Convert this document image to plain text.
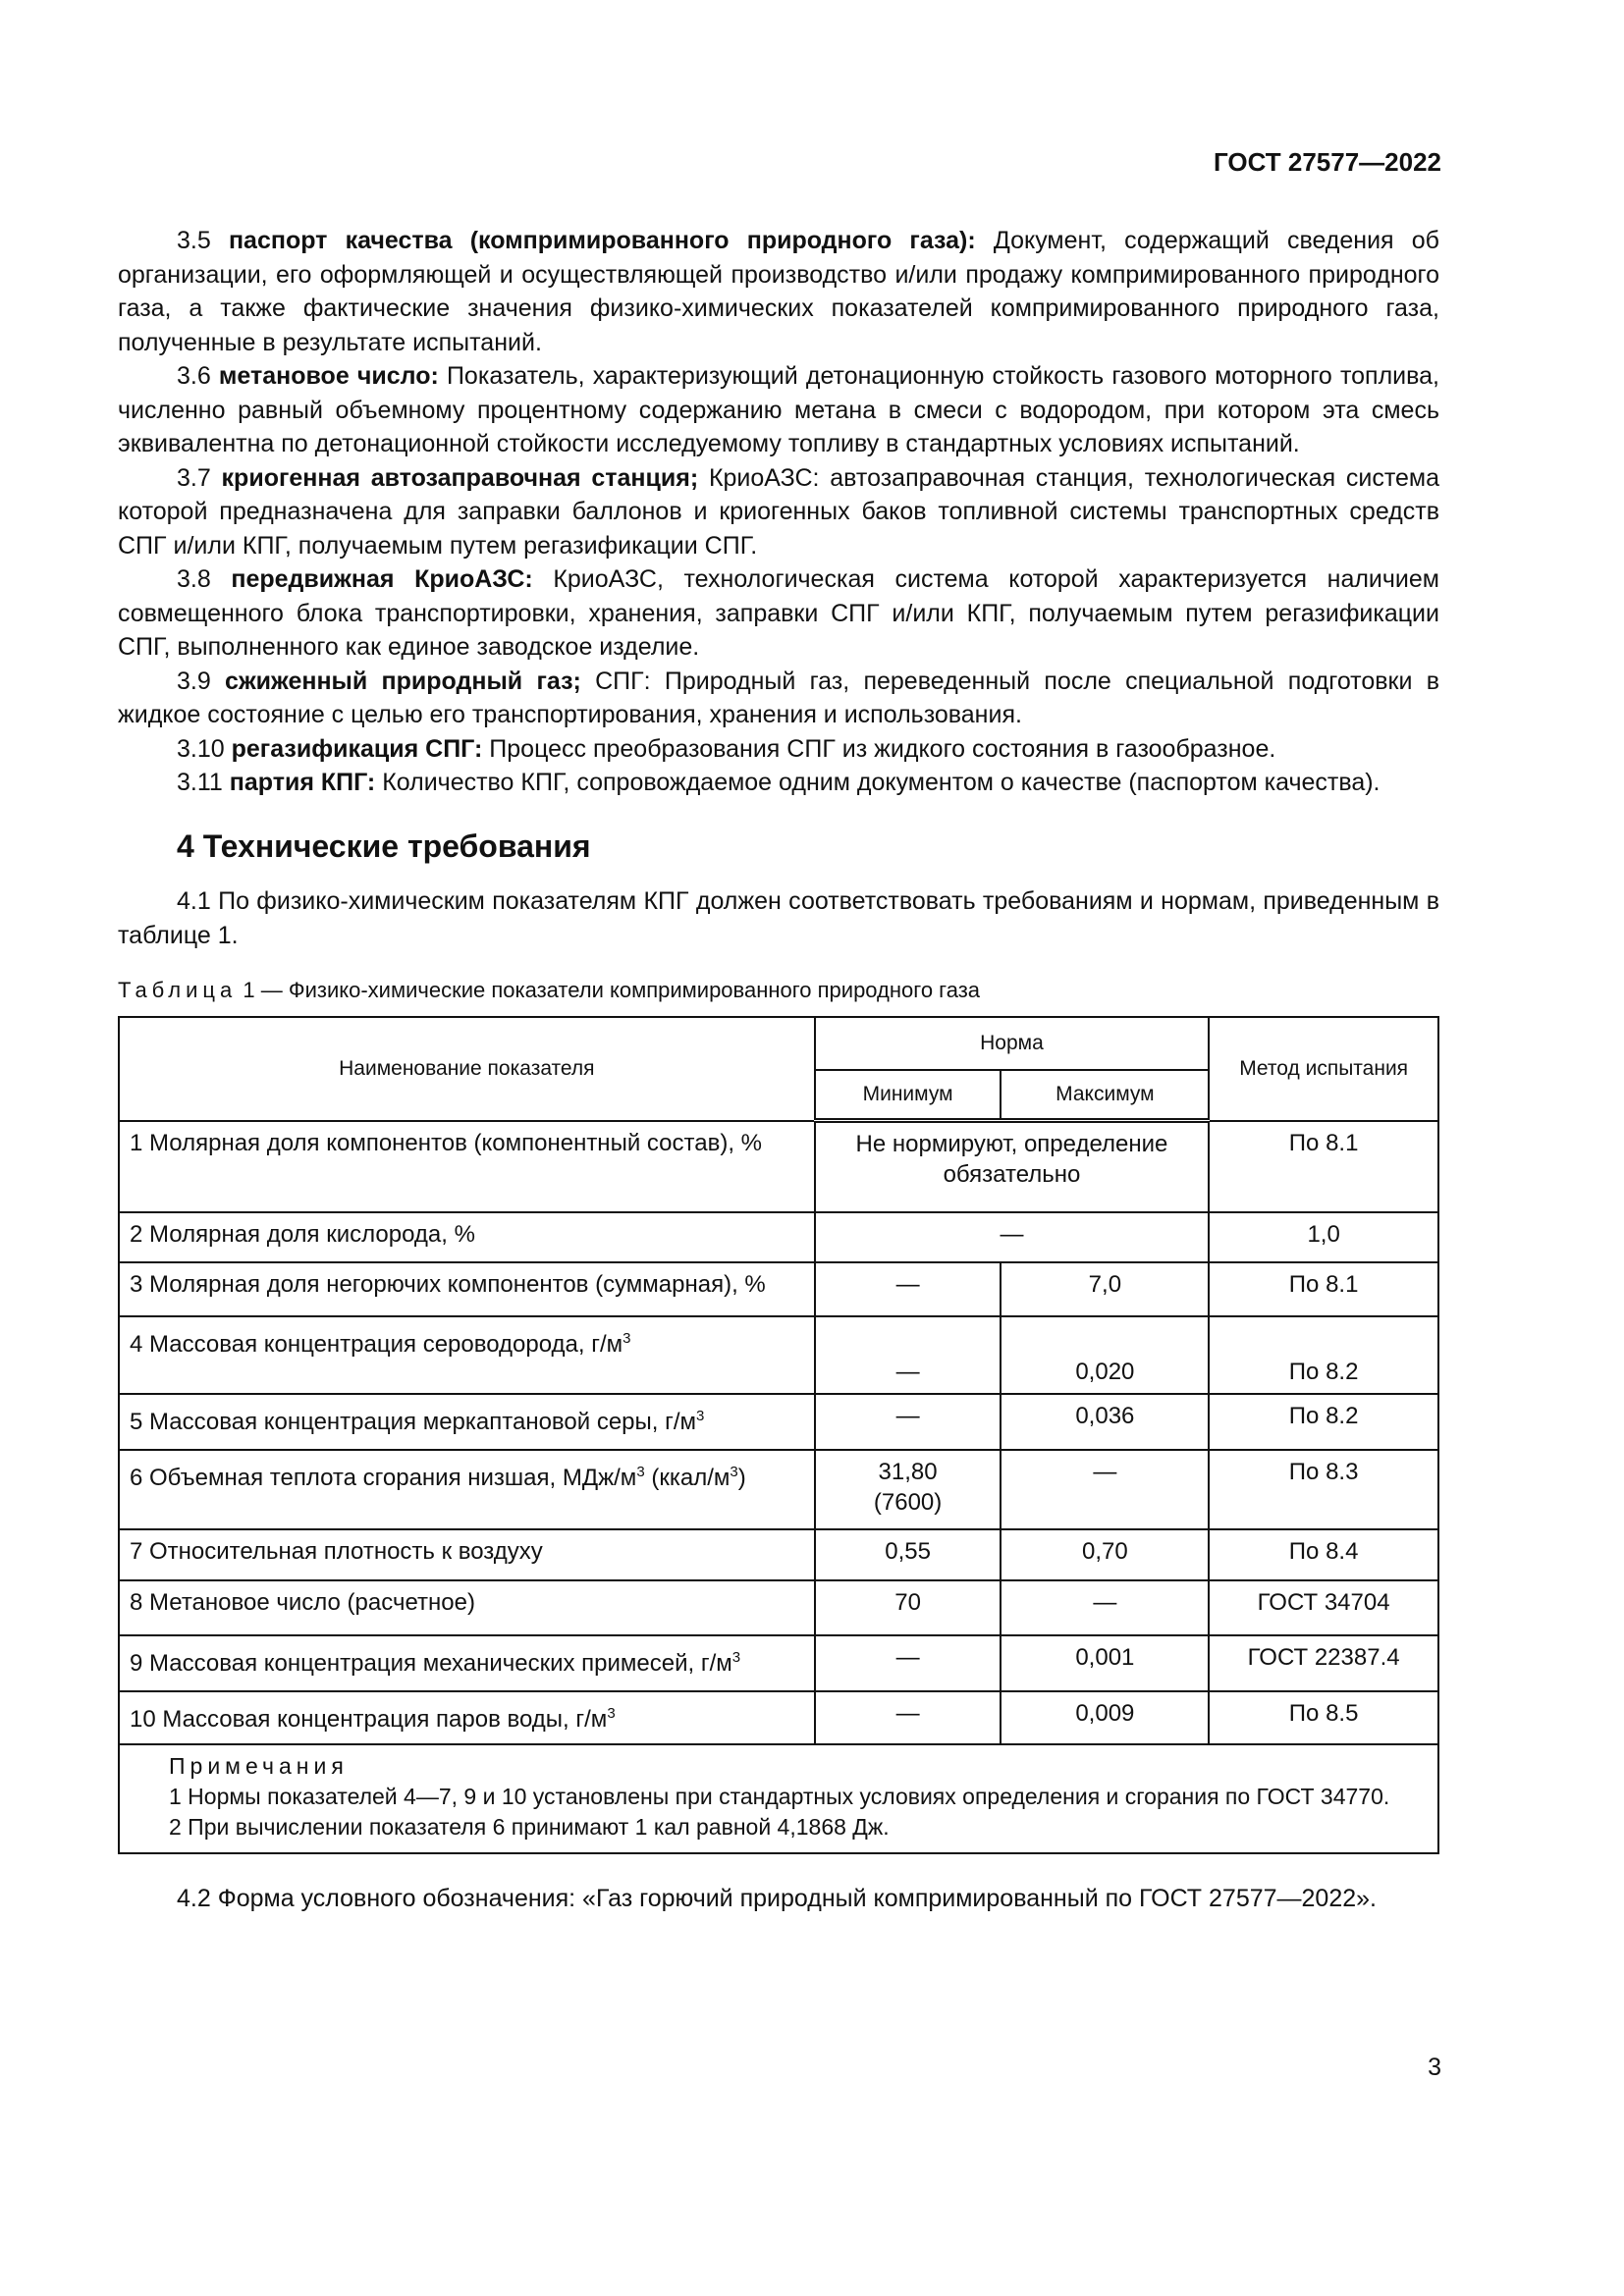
ГОСТ 27577—2022

3.5 паспорт качества (компримированного природного газа): Документ, содержащий сведения об организации, его оформляющей и осуществляющей производство и/или продажу компримированного природного газа, а также фактические значения физико-химических показателей компримированного природного газа, полученные в результате испытаний.

3.6 метановое число: Показатель, характеризующий детонационную стойкость газового моторного топлива, численно равный объемному процентному содержанию метана в смеси с водородом, при котором эта смесь эквивалентна по детонационной стойкости исследуемому топливу в стандартных условиях испытаний.

3.7 криогенная автозаправочная станция; КриоАЗС: автозаправочная станция, технологическая система которой предназначена для заправки баллонов и криогенных баков топливной системы транспортных средств СПГ и/или КПГ, получаемым путем регазификации СПГ.

3.8 передвижная КриоАЗС: КриоАЗС, технологическая система которой характеризуется наличием совмещенного блока транспортировки, хранения, заправки СПГ и/или КПГ, получаемым путем регазификации СПГ, выполненного как единое заводское изделие.

3.9 сжиженный природный газ; СПГ: Природный газ, переведенный после специальной подготовки в жидкое состояние с целью его транспортирования, хранения и использования.

3.10 регазификация СПГ: Процесс преобразования СПГ из жидкого состояния в газообразное.

3.11 партия КПГ: Количество КПГ, сопровождаемое одним документом о качестве (паспортом качества).

4 Технические требования

4.1 По физико-химическим показателям КПГ должен соответствовать требованиям и нормам, приведенным в таблице 1.

Таблица 1 — Физико-химические показатели компримированного природного газа
Наименование показателя	Норма		Метод испытания
	Минимум	Максимум	
1 Молярная доля компонентов (компонентный состав), %	Не нормируют, определение обязательно		По 8.1
2 Молярная доля кислорода, %	—		1,0
3 Молярная доля негорючих компонентов (суммарная), %	—	7,0	По 8.1
4 Массовая концентрация сероводорода, $г/м^3$	—	0,020	По 8.2
5 Массовая концентрация меркаптановой серы, $г/м^3$	—	0,036	По 8.2
6 Объемная теплота сгорания низшая, МДж/$м^3$ $(ккал/м^3)$	31,80
(7600)	—	По 8.3
7 Относительная плотность к воздуху	0,55	0,70	По 8.4
8 Метановое число (расчетное)	70	—	ГОСТ 34704
9 Массовая концентрация механических примесей, $г/м^3$	—	0,001	ГОСТ 22387.4
10 Массовая концентрация паров воды, $г/м^3$	—	0,009	По 8.5

Примечания
1 Нормы показателей 4—7, 9 и 10 установлены при стандартных условиях определения и сгорания по ГОСТ 34770.
2 При вычислении показателя 6 принимают 1 кал равной 4,1868 Дж.			

4.2 Форма условного обозначения: «Газ горючий природный компримированный по ГОСТ 27577—2022».

3
